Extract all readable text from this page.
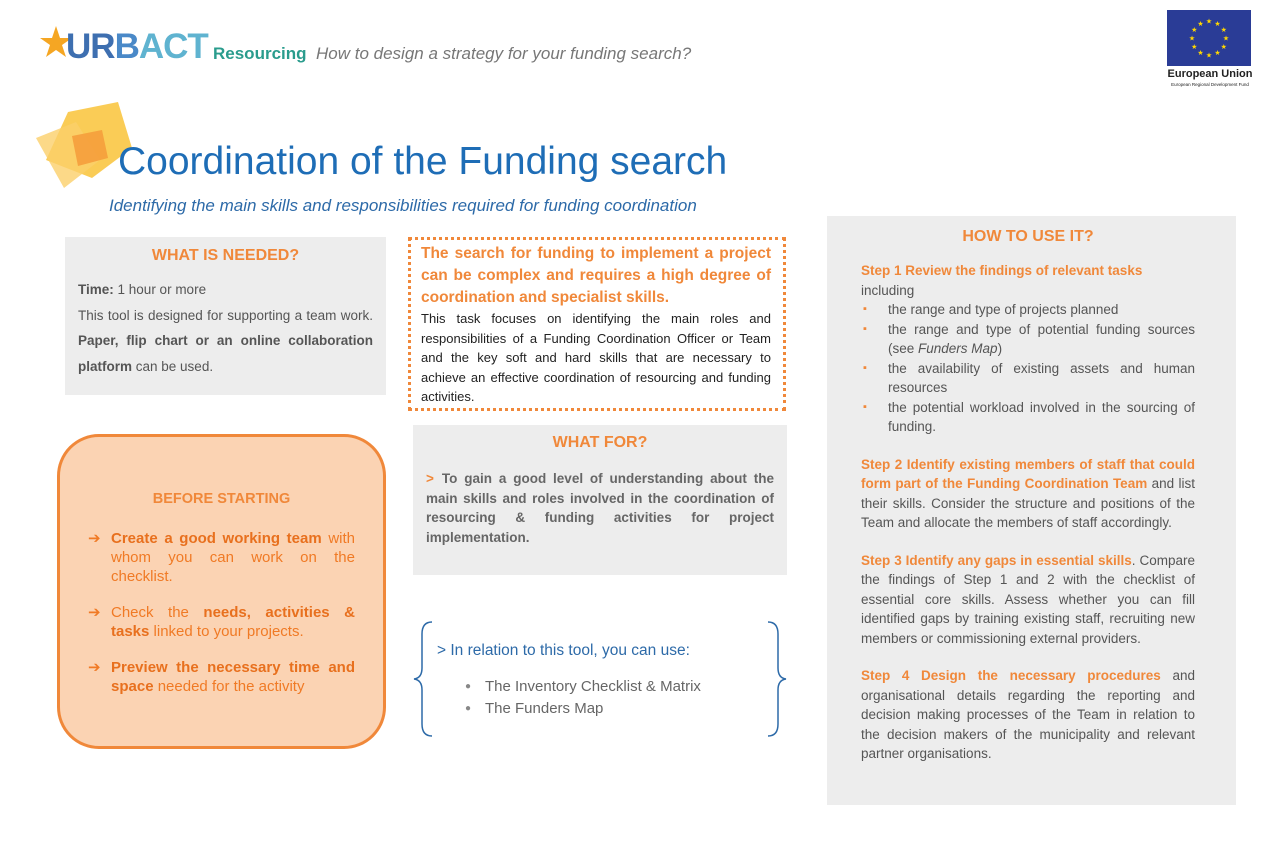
URBACT Resourcing How to design a strategy for your funding search?
★
★
★
★
★
★
★
★
★ ★ ★
★
European Union
European Regional Development Fund
Coordination of the Funding search
Identifying the main skills and responsibilities required for funding coordination
WHAT IS NEEDED?
Time: 1 hour or more
This tool is designed for supporting a team work. Paper, flip chart or an online collaboration platform can be used.
The search for funding to implement a project can be complex and requires a high degree of coordination and specialist skills.
This task focuses on identifying the main roles and responsibilities of a Funding Coordination Officer or Team and the key soft and hard skills that are necessary to achieve an effective coordination of resourcing and funding activities.
BEFORE STARTING
➔ Create a good working team with whom you can work on the checklist.
➔ Check the needs, activities & tasks linked to your projects.
➔ Preview the necessary time and space needed for the activity
WHAT FOR?
> To gain a good level of understanding about the main skills and roles involved in the coordination of resourcing & funding activities for project implementation.
> In relation to this tool, you can use:
● The Inventory Checklist & Matrix
● The Funders Map
HOW TO USE IT?
Step 1 Review the findings of relevant tasks
including
▪ the range and type of projects planned
▪ the range and type of potential funding sources (see Funders Map)
▪ the availability of existing assets and human resources
▪ the potential workload involved in the sourcing of funding.
Step 2 Identify existing members of staff that could form part of the Funding Coordination Team and list their skills. Consider the structure and positions of the Team and allocate the members of staff accordingly.
Step 3 Identify any gaps in essential skills. Compare the findings of Step 1 and 2 with the checklist of essential core skills. Assess whether you can fill identified gaps by training existing staff, recruiting new members or commissioning external providers.
Step 4 Design the necessary procedures and organisational details regarding the reporting and decision making processes of the Team in relation to the decision makers of the municipality and relevant partner organisations.
